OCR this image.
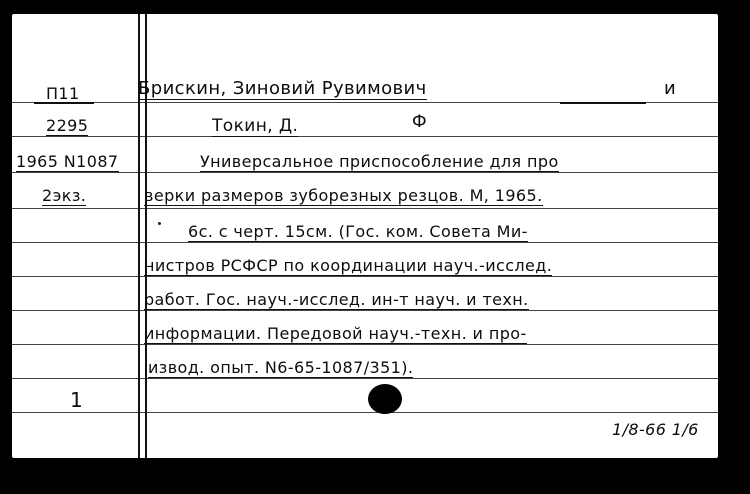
П11
2295
1965 N1087
2экз.
Брискин, Зиновий Рувимович	и
Токин, Д.	Ф
Универсальное приспособление для про
верки размеров зуборезных резцов. М, 1965.
6с. с черт. 15см. (Гос. ком. Совета Ми-
нистров РСФСР по координации науч.-исслед.
работ. Гос. науч.-исслед. ин-т науч. и техн.
информации. Передовой науч.-техн. и про-
извод. опыт. N6-65-1087/351).
1
1/8-66 1/6
